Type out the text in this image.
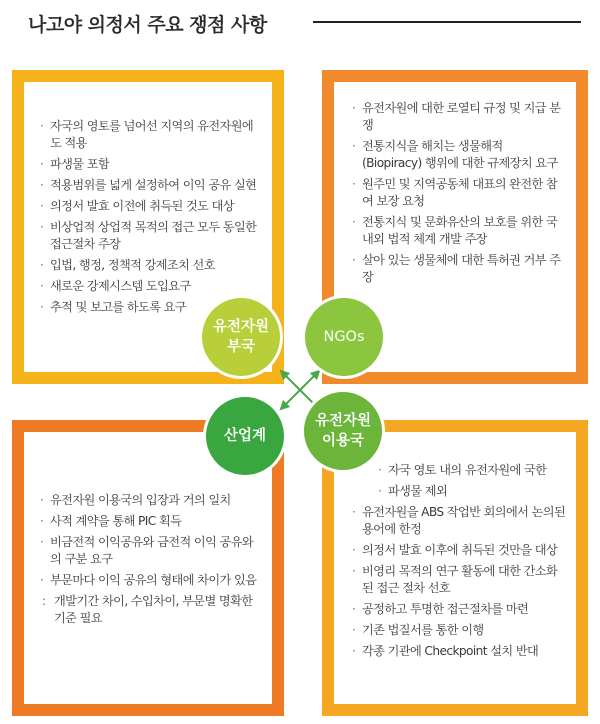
나고야 의정서 주요 쟁점 사항
· 자국의 영토를 넘어선 지역의 유전자원에도 적용
· 파생물 포함
· 적용범위를 넓게 설정하여 이익 공유 실현
· 의정서 발효 이전에 취득된 것도 대상
· 비상업적 상업적 목적의 접근 모두 동일한 접근절차 주장
· 입법, 행정, 정책적 강제조치 선호
· 새로운 강제시스템 도입요구
· 추적 및 보고를 하도록 요구
· 유전자원에 대한 로열티 규정 및 지급 분쟁
· 전통지식을 해치는 생물해적(Biopiracy) 행위에 대한 규제장치 요구
· 원주민 및 지역공동체 대표의 완전한 참여 보장 요청
· 전통지식 및 문화유산의 보호를 위한 국내외 법적 체계 개발 주장
· 살아 있는 생물체에 대한 특허권 거부 주장
· 유전자원 이용국의 입장과 거의 일치
· 사적 계약을 통해 PIC 획득
· 비금전적 이익공유와 금전적 이익 공유와의 구분 요구
· 부문마다 이익 공유의 형태에 차이가 있음
: 개발기간 차이, 수입차이, 부문별 명확한 기준 필요
· 자국 영토 내의 유전자원에 국한
· 파생물 제외
· 유전자원을 ABS 작업반 회의에서 논의된 용어에 한정
· 의정서 발효 이후에 취득된 것만을 대상
· 비영리 목적의 연구 활동에 대한 간소화된 접근 절차 선호
· 공정하고 투명한 접근절차를 마련
· 기존 법질서를 통한 이행
· 각종 기관에 Checkpoint 설치 반대
유전자원
부국
NGOs
산업계
유전자원
이용국
